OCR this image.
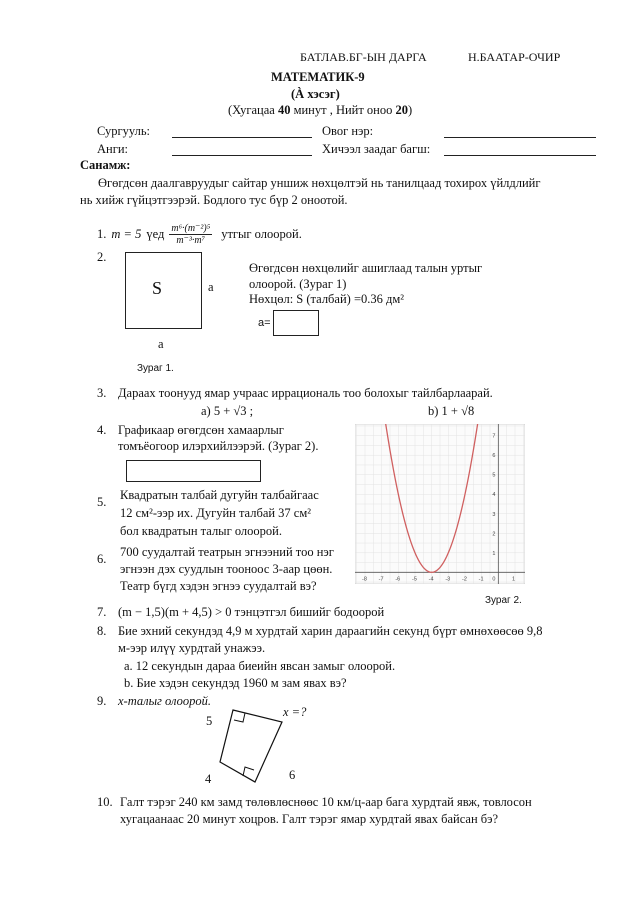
БАТЛАВ.БГ-ЫН ДАРГА	Н.БААТАР-ОЧИР
МАТЕМАТИК-9
(À хэсэг)
(Хугацаа 40 минут , Нийт оноо 20)
Сургууль:	Овог нэр:
Анги:	Хичээл заадаг багш:
Санамж:
Өгөгдсөн даалгавруудыг сайтар уншиж нөхцөлтэй нь танилцаад тохирох үйлдлийг
нь хийж гүйцэтгээрэй. Бодлого тус бүр 2 оноотой.
1. m = 5 үед $\frac{\text{m⁶·(m⁻²)⁵}}{\text{m⁻³·m⁷}}$ утгыг олоорой.
2.
S	a
a
Зураг 1.
Өгөгдсөн нөхцөлийг ашиглаад талын уртыг
олоорой. (Зураг 1)
Нөхцөл: S (талбай) =0.36 дм²
a=
3. Дараах тоонууд ямар учраас иррациональ тоо болохыг тайлбарлаарай.
a) 5 + √3 ;	b) 1 + √8
4. Графикаар өгөгдсөн хамаарлыг
томъёогоор илэрхийлээрэй. (Зураг 2).
5. Квадратын талбай дугуйн талбайгаас
12 см²-ээр их. Дугуйн талбай 37 см²
бол квадратын талыг олоорой.
6. 700 суудалтай театрын эгнээний тоо нэг
эгнээн дэх суудлын тооноос 3-аар цөөн.
Театр бүгд хэдэн эгнээ суудалтай вэ?	-8 -7 -6 -5 -4 -3 -2 -1 0	1
1
2
3
4
5
6
7
Зураг 2.
7. (m − 1,5)(m + 4,5) > 0 тэнцэтгэл бишийг бодоорой
8. Бие эхний секундэд 4,9 м хурдтай харин дараагийн секунд бүрт өмнөхөөсөө 9,8
м-ээр илүү хурдтай унажээ.
a. 12 секундын дараа биеийн явсан замыг олоорой.
b. Бие хэдэн секундэд 1960 м зам явах вэ?
9. x-талыг олоорой.
5
x =?
4	6
10. Галт тэрэг 240 км замд төлөвлөснөөс 10 км/ц-аар бага хурдтай явж, товлосон
хугацаанаас 20 минут хоцров. Галт тэрэг ямар хурдтай явах байсан бэ?
